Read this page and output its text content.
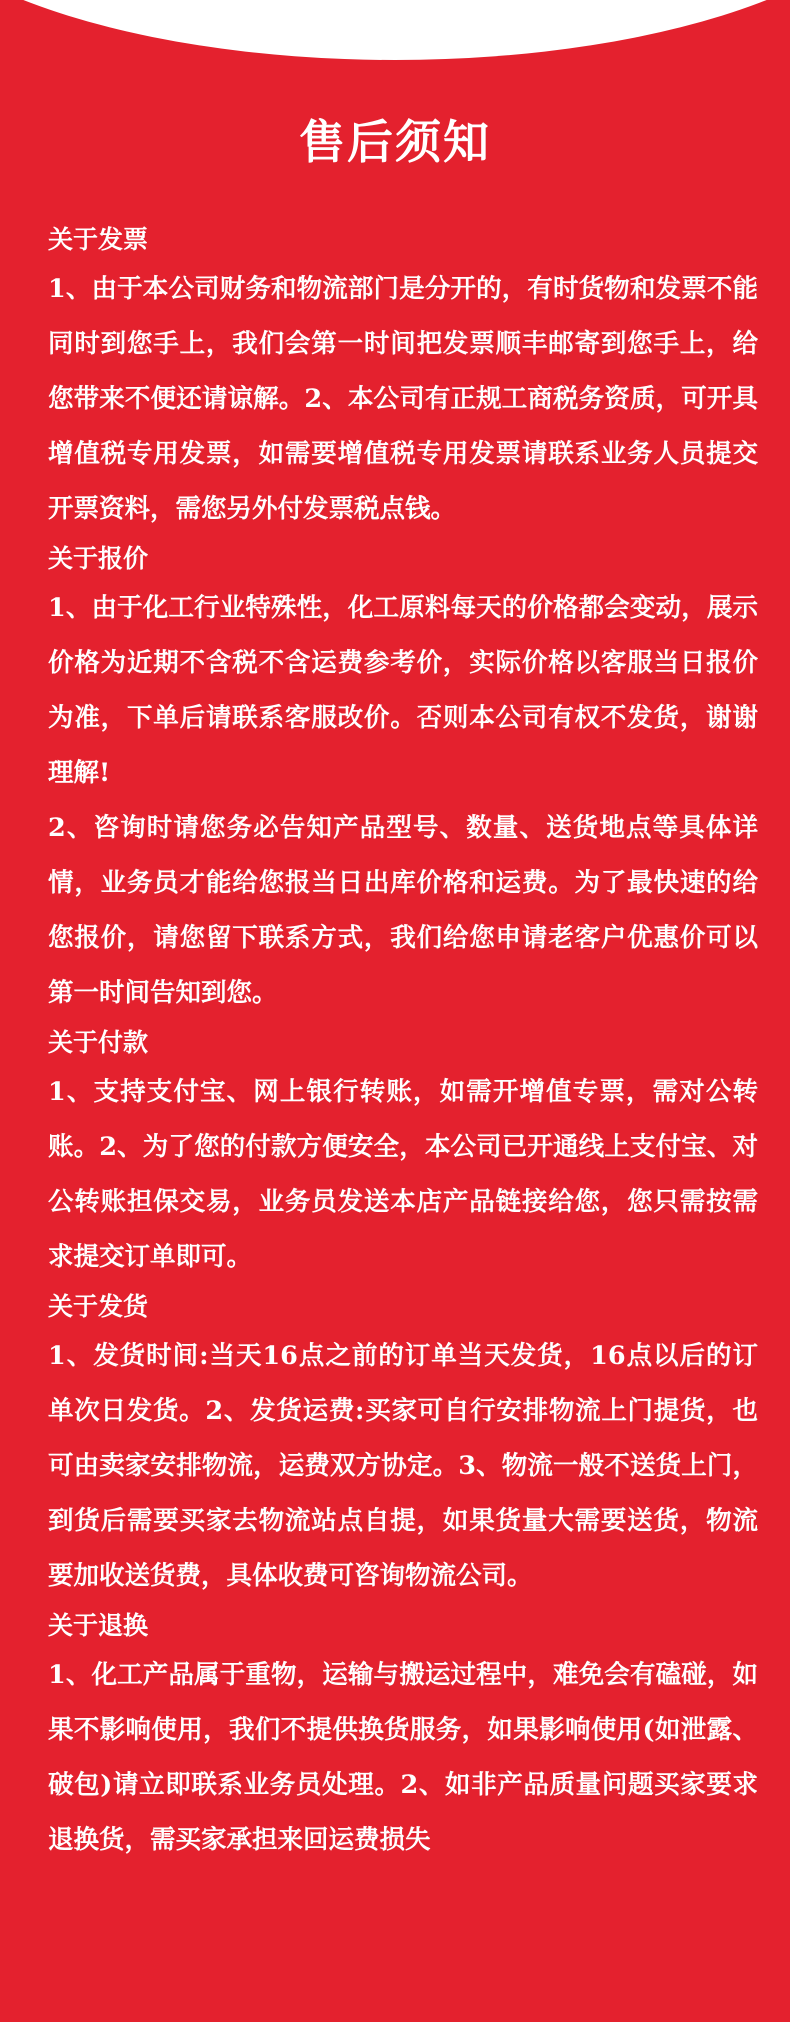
售后须知

关于发票

1、由于本公司财务和物流部门是分开的，有时货物和发票不能同时到您手上，我们会第一时间把发票顺丰邮寄到您手上，给您带来不便还请谅解。2、本公司有正规工商税务资质，可开具增值税专用发票，如需要增值税专用发票请联系业务人员提交开票资料，需您另外付发票税点钱。

关于报价

1、由于化工行业特殊性，化工原料每天的价格都会变动，展示价格为近期不含税不含运费参考价，实际价格以客服当日报价为准，下单后请联系客服改价。否则本公司有权不发货，谢谢理解!

2、咨询时请您务必告知产品型号、数量、送货地点等具体详情，业务员才能给您报当日出库价格和运费。为了最快速的给您报价，请您留下联系方式，我们给您申请老客户优惠价可以第一时间告知到您。

关于付款

1、支持支付宝、网上银行转账，如需开增值专票，需对公转账。2、为了您的付款方便安全，本公司已开通线上支付宝、对公转账担保交易，业务员发送本店产品链接给您，您只需按需求提交订单即可。

关于发货

1、发货时间:当天16点之前的订单当天发货，16点以后的订单次日发货。2、发货运费:买家可自行安排物流上门提货，也可由卖家安排物流，运费双方协定。3、物流一般不送货上门，到货后需要买家去物流站点自提，如果货量大需要送货，物流要加收送货费，具体收费可咨询物流公司。

关于退换

1、化工产品属于重物，运输与搬运过程中，难免会有磕碰，如果不影响使用，我们不提供换货服务，如果影响使用(如泄露、破包)请立即联系业务员处理。2、如非产品质量问题买家要求退换货，需买家承担来回运费损失
